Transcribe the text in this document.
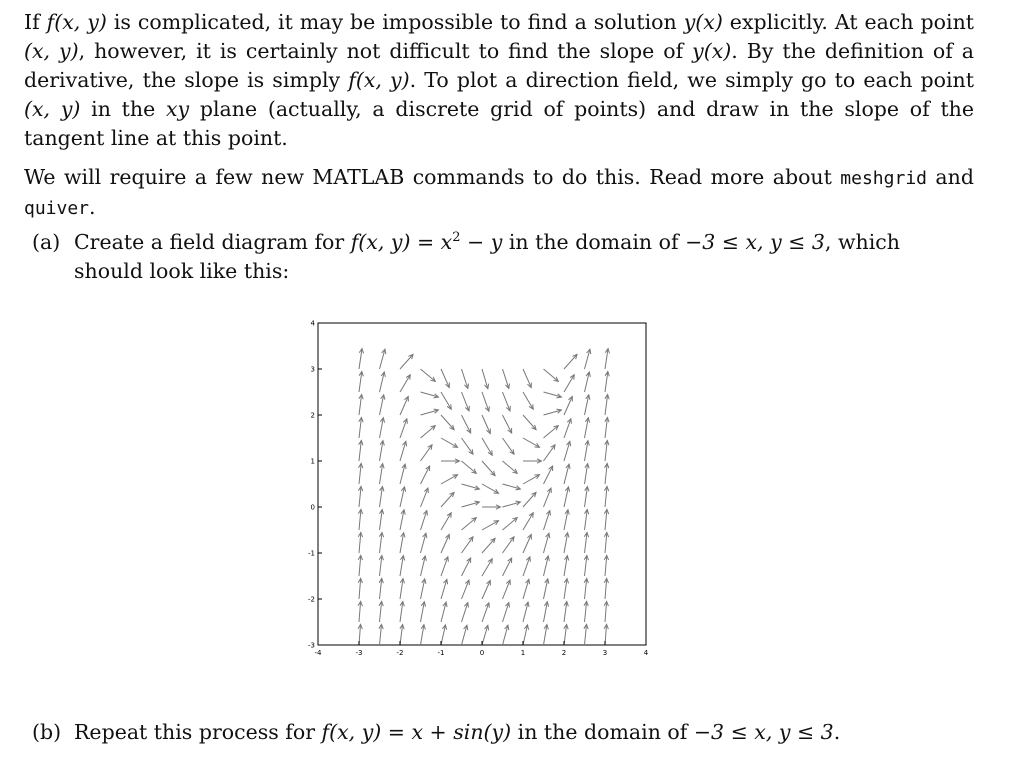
If f(x, y) is complicated, it may be impossible to find a solution y(x) explicitly. At each point (x, y), however, it is certainly not difficult to find the slope of y(x). By the definition of a derivative, the slope is simply f(x, y). To plot a direction field, we simply go to each point (x, y) in the xy plane (actually, a discrete grid of points) and draw in the slope of the tangent line at this point.
We will require a few new MATLAB commands to do this. Read more about meshgrid and quiver.
(a) Create a field diagram for f(x, $y) = x^2 - y$ in the domain of −3 ≤ x, y ≤ 3, which should look like this:
-4	-3	-2	-1	0	1	2	3	4
-3
-2
-1
0
1
2
3
4
(b) Repeat this process for f(x, y) = x + sin(y) in the domain of −3 ≤ x, y ≤ 3.
